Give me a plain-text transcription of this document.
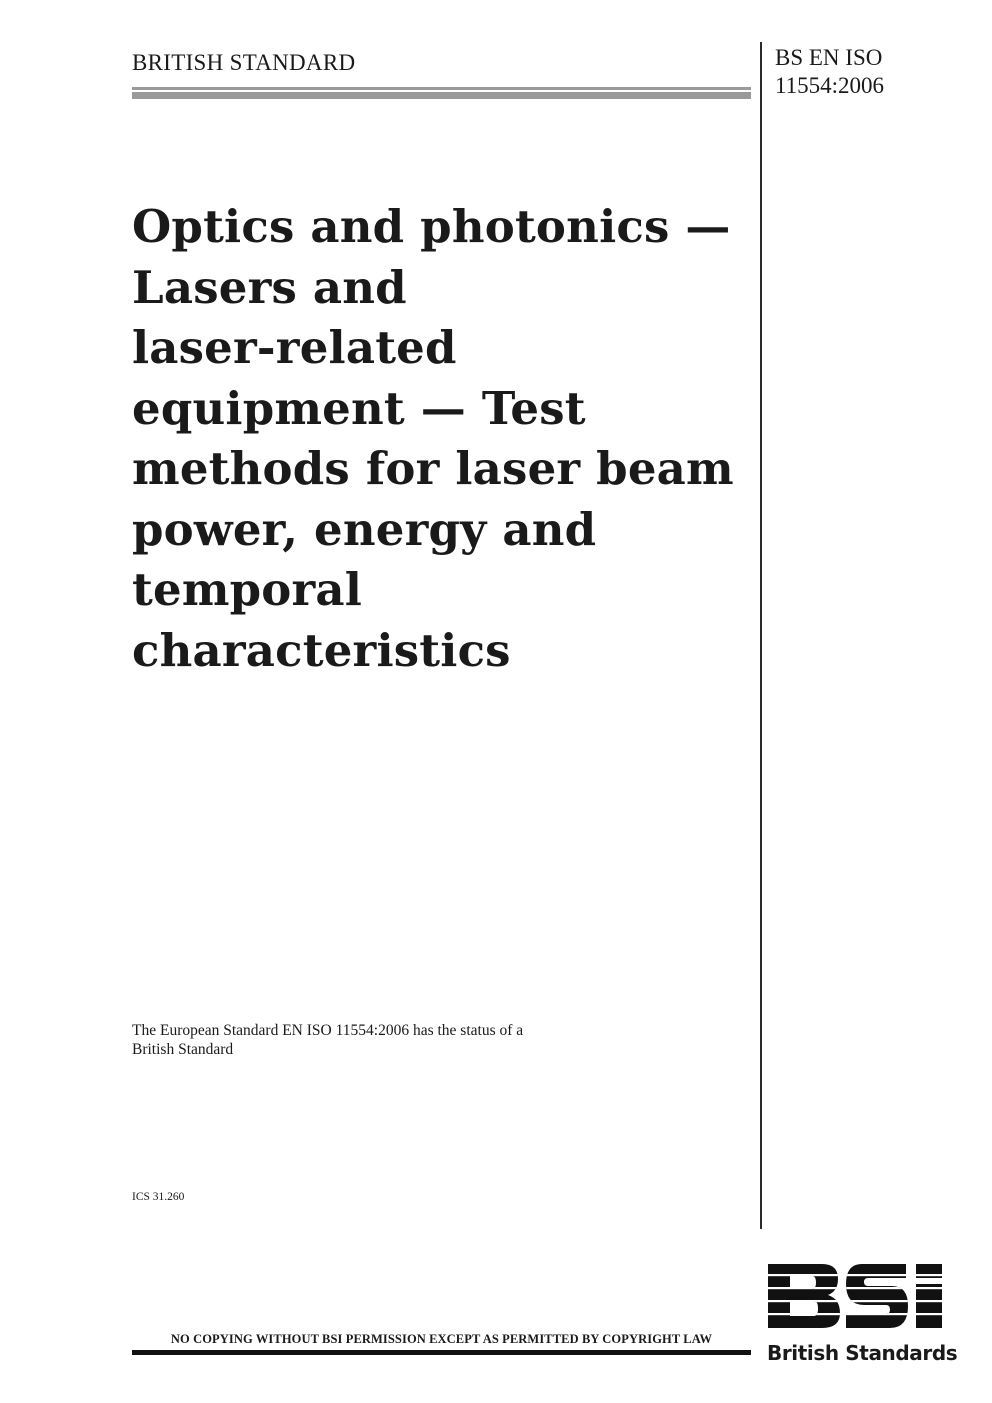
BRITISH STANDARD	BS EN ISO
11554:2006
Optics and photonics —
Lasers and
laser-related
equipment — Test
methods for laser beam
power, energy and
temporal
characteristics
The European Standard EN ISO 11554:2006 has the status of a
British Standard
ICS 31.260
British Standards
NO COPYING WITHOUT BSI PERMISSION EXCEPT AS PERMITTED BY COPYRIGHT LAW
